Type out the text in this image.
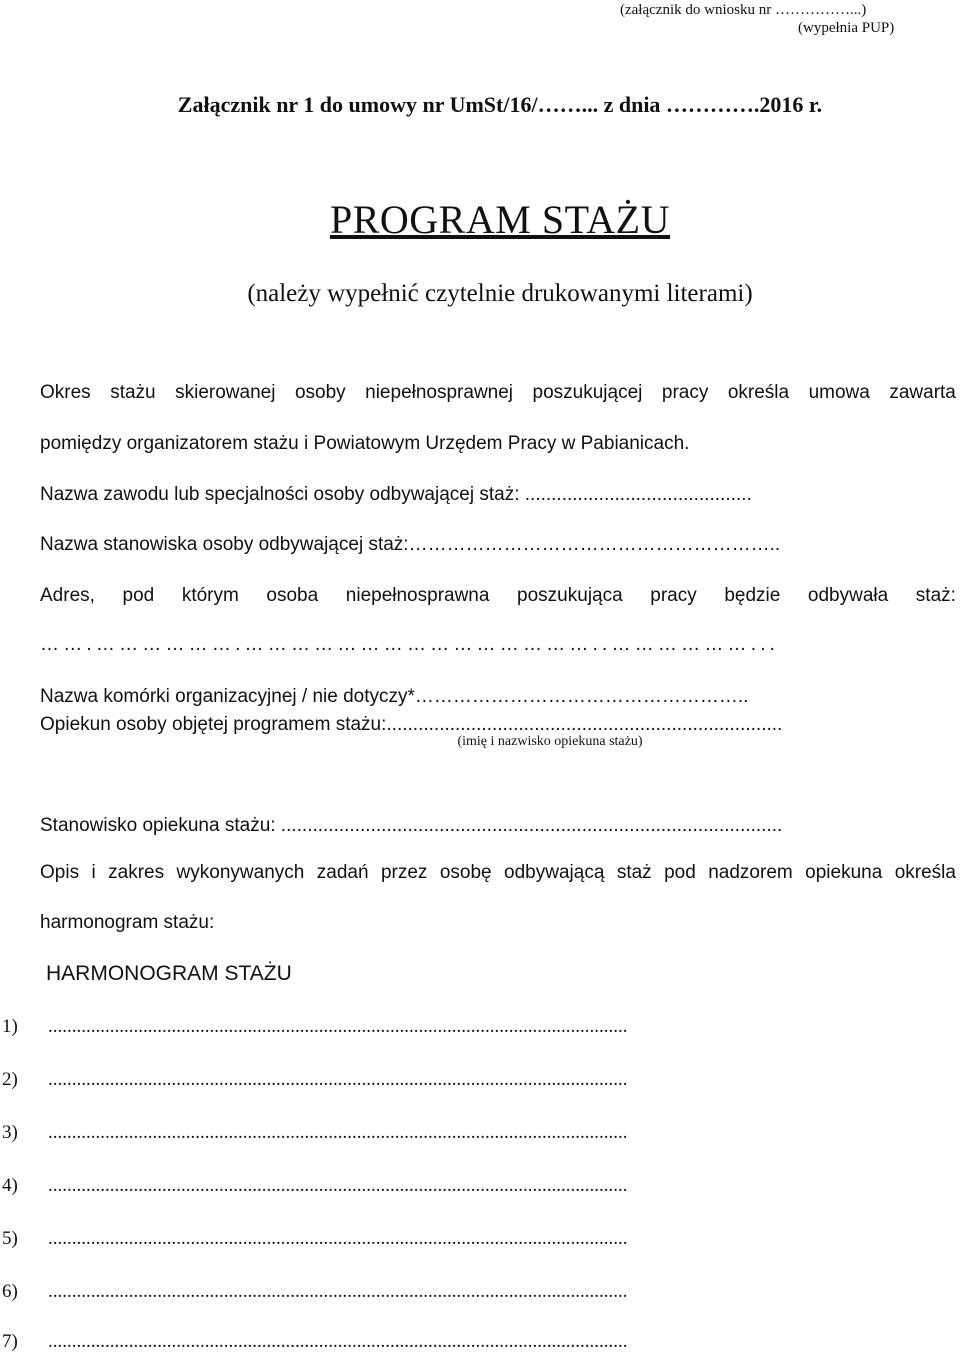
(załącznik do wniosku nr ……………...)
(wypełnia PUP)
Załącznik nr 1 do umowy nr UmSt/16/……... z dnia ………….2016 r.
PROGRAM STAŻU
(należy wypełnić czytelnie drukowanymi literami)
Okres stażu skierowanej osoby niepełnosprawnej poszukującej pracy określa umowa zawarta
pomiędzy organizatorem stażu i Powiatowym Urzędem Pracy w Pabianicach.
Nazwa zawodu lub specjalności osoby odbywającej staż: ...........................................
Nazwa stanowiska osoby odbywającej staż:…………………………………………………..
Adres, pod którym osoba niepełnosprawna poszukująca pracy będzie odbywała staż:
…….……………….………………………………………..………………...
Nazwa komórki organizacyjnej / nie dotyczy*……………………………………………..
Opiekun osoby objętej programem stażu:...........................................................................
(imię i nazwisko opiekuna stażu)
Stanowisko opiekuna stażu: ...............................................................................................
Opis i zakres wykonywanych zadań przez osobę odbywającą staż pod nadzorem opiekuna określa
harmonogram stażu:
HARMONOGRAM STAŻU
1) ..........................................................................................................................
2) ..........................................................................................................................
3) ..........................................................................................................................
4) ..........................................................................................................................
5) ..........................................................................................................................
6) ..........................................................................................................................
7) ..........................................................................................................................
